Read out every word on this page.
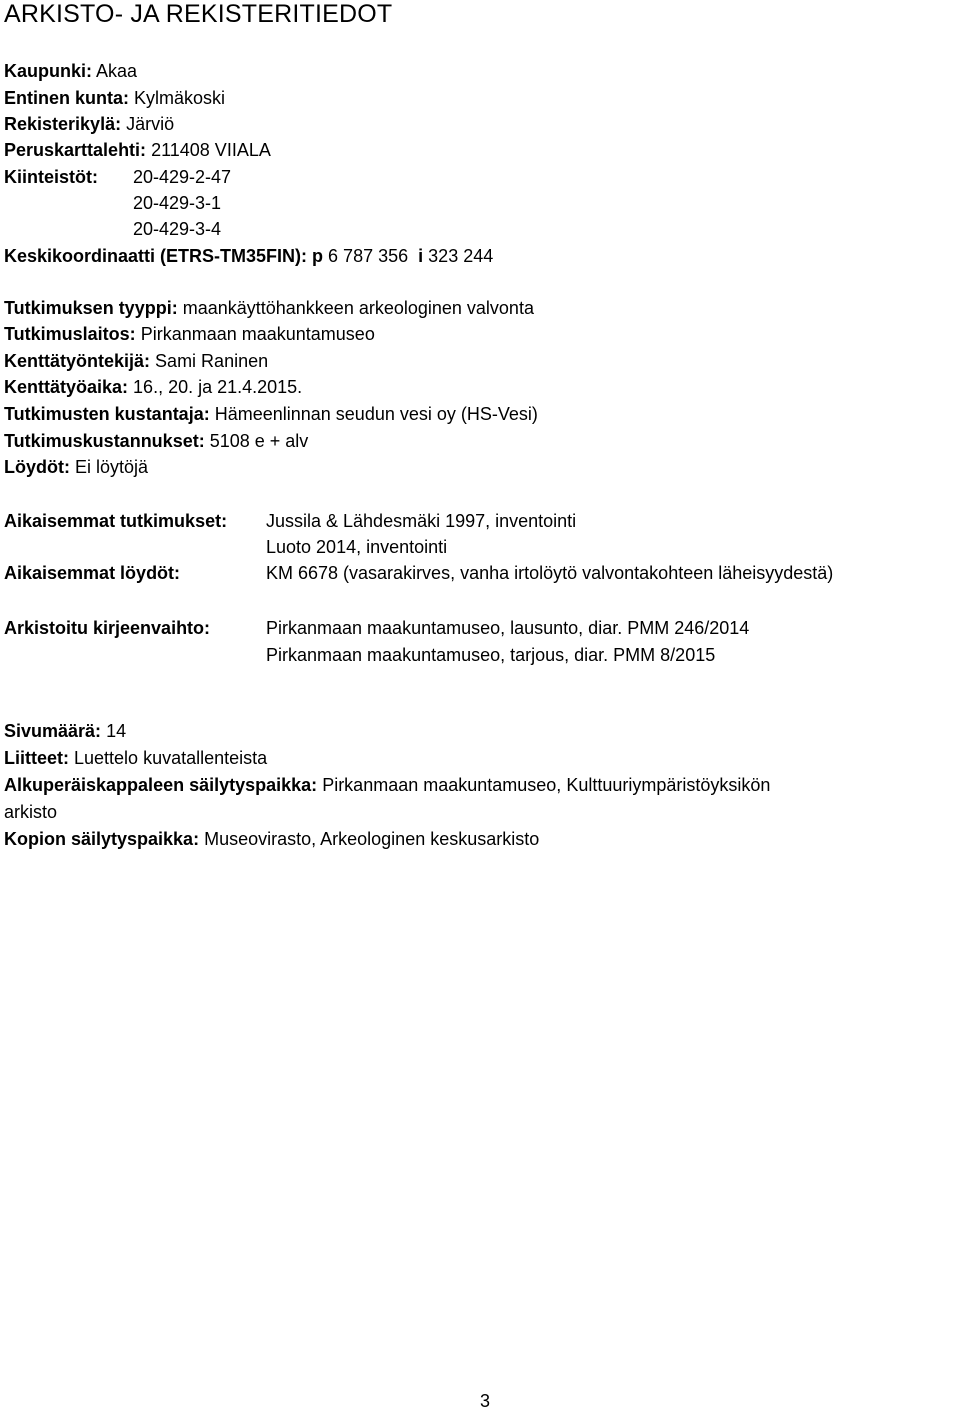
ARKISTO- JA REKISTERITIEDOT
Kaupunki: Akaa
Entinen kunta: Kylmäkoski
Rekisterikylä: Järviö
Peruskarttalehti: 211408 VIIALA
Kiinteistöt: 20-429-2-47
20-429-3-1
20-429-3-4
Keskikoordinaatti (ETRS-TM35FIN): p 6 787 356 i 323 244
Tutkimuksen tyyppi: maankäyttöhankkeen arkeologinen valvonta
Tutkimuslaitos: Pirkanmaan maakuntamuseo
Kenttätyöntekijä: Sami Raninen
Kenttätyöaika: 16., 20. ja 21.4.2015.
Tutkimusten kustantaja: Hämeenlinnan seudun vesi oy (HS-Vesi)
Tutkimuskustannukset: 5108 e + alv
Löydöt: Ei löytöjä
Aikaisemmat tutkimukset: Jussila & Lähdesmäki 1997, inventointi
Luoto 2014, inventointi
Aikaisemmat löydöt:	KM 6678 (vasarakirves, vanha irtolöytö valvontakohteen läheisyydestä)
Arkistoitu kirjeenvaihto:	Pirkanmaan maakuntamuseo, lausunto, diar. PMM 246/2014
Pirkanmaan maakuntamuseo, tarjous, diar. PMM 8/2015
Sivumäärä: 14
Liitteet: Luettelo kuvatallenteista
Alkuperäiskappaleen säilytyspaikka: Pirkanmaan maakuntamuseo, Kulttuuriympäristöyksikön
arkisto
Kopion säilytyspaikka: Museovirasto, Arkeologinen keskusarkisto
3
